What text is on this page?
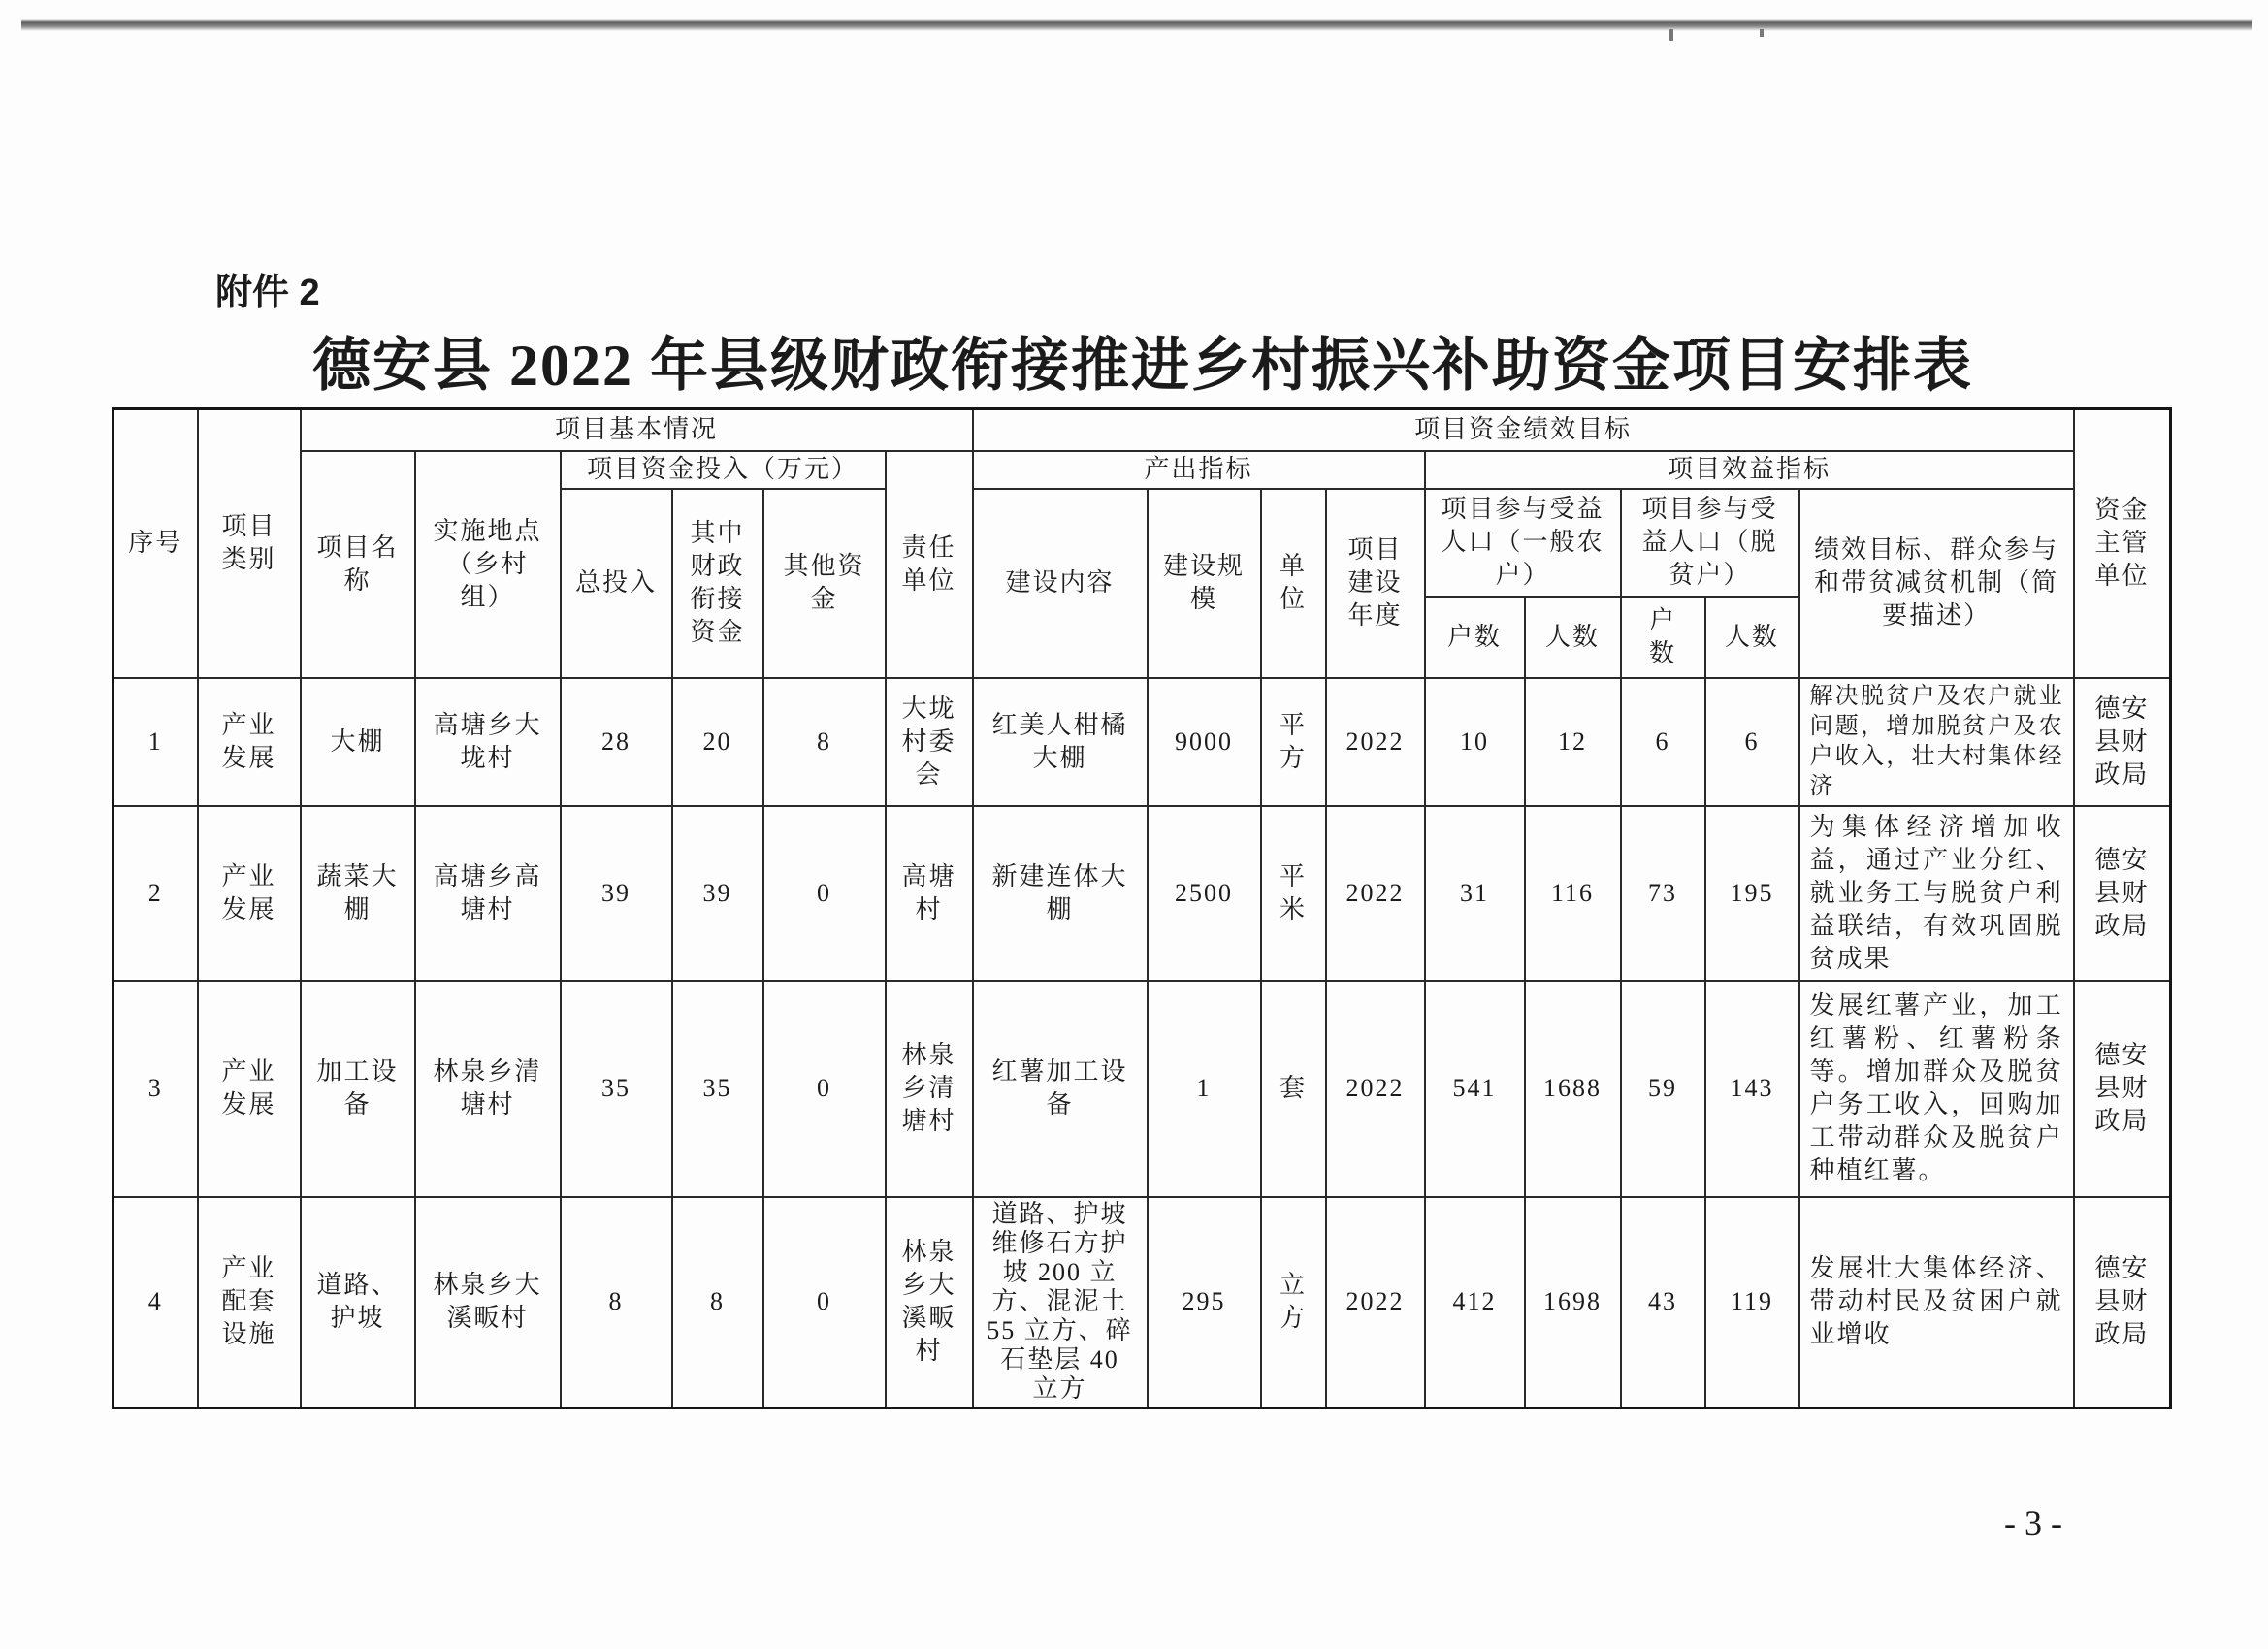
附件 2
德安县 2022 年县级财政衔接推进乡村振兴补助资金项目安排表
序号	项目类别	项目基本情况						项目资金绩效目标									资金主管单位
		项目名称	实施地点（乡村组）	项目资金投入（万元）			责任单位	产出指标				项目效益指标					
				总投入	其中财政衔接资金	其他资金		建设内容	建设规模	单位	项目建设年度	项目参与受益人口（一般农户）		项目参与受益人口（脱贫户）		绩效目标、群众参与和带贫减贫机制（简要描述）	
												户数	人数	户数	人数		
1	产业发展	大棚	高塘乡大垅村	28	20	8	大垅村委会	红美人柑橘大棚	9000	平方	2022	10	12	6	6	解决脱贫户及农户就业问题，增加脱贫户及农户收入，壮大村集体经济	德安县财政局
2	产业发展	蔬菜大棚	高塘乡高塘村	39	39	0	高塘村	新建连体大棚	2500	平米	2022	31	116	73	195	为集体经济增加收益，通过产业分红、就业务工与脱贫户利益联结，有效巩固脱贫成果	德安县财政局
3	产业发展	加工设备	林泉乡清塘村	35	35	0	林泉乡清塘村	红薯加工设备	1	套	2022	541	1688	59	143	发展红薯产业，加工红薯粉、红薯粉条等。增加群众及脱贫户务工收入，回购加工带动群众及脱贫户种植红薯。	德安县财政局
4	产业配套设施	道路、护坡	林泉乡大溪畈村	8	8	0	林泉乡大溪畈村	道路、护坡维修石方护坡 200 立方、混泥土 55 立方、碎石垫层 40 立方	295	立方	2022	412	1698	43	119	发展壮大集体经济、带动村民及贫困户就业增收	德安县财政局
- 3 -
